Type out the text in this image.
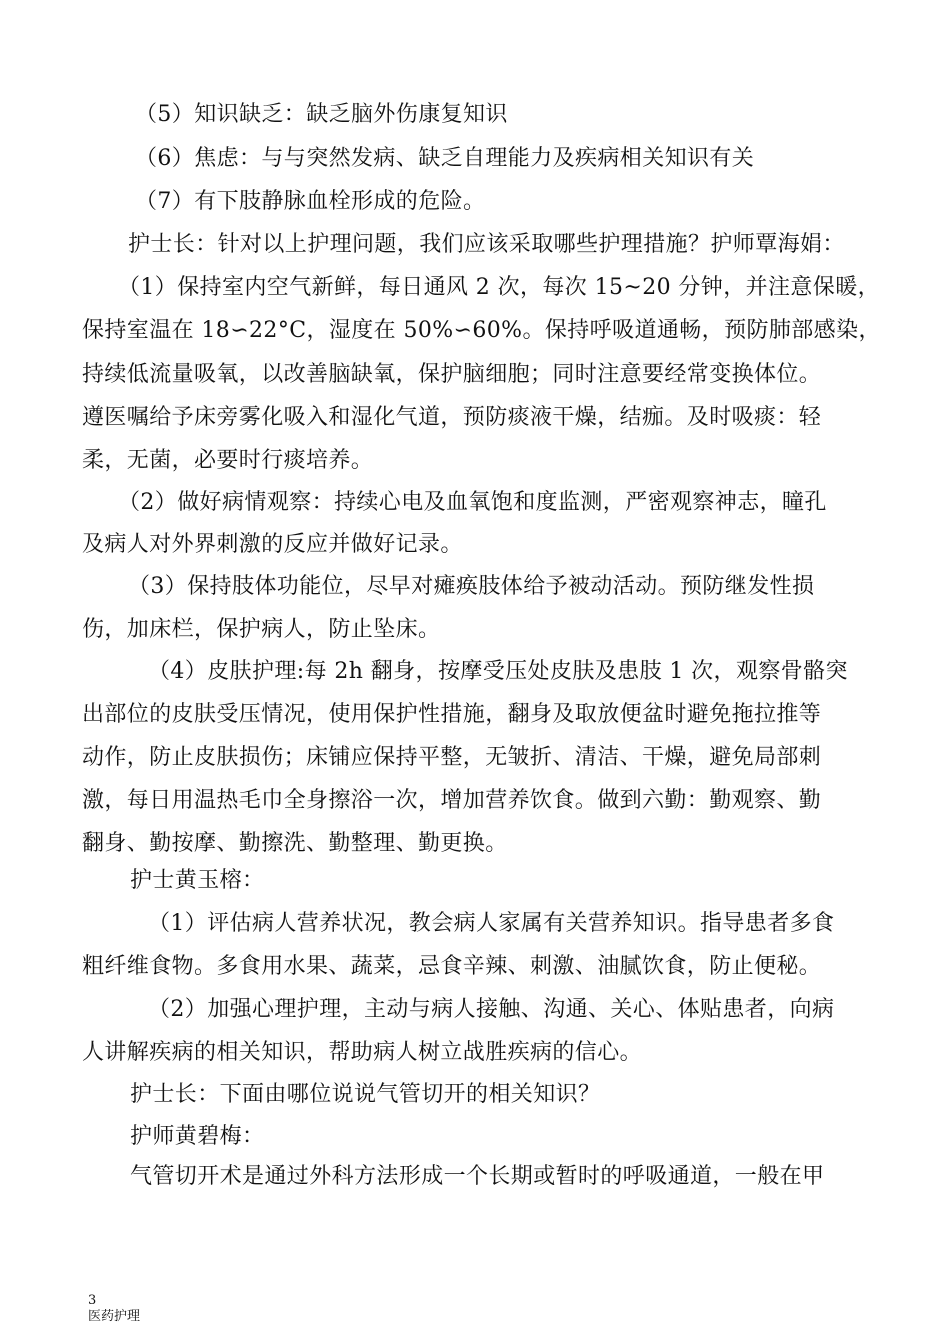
（5）知识缺乏：缺乏脑外伤康复知识
（6）焦虑：与与突然发病、缺乏自理能力及疾病相关知识有关
（7）有下肢静脉血栓形成的危险。
护士长：针对以上护理问题，我们应该采取哪些护理措施？护师覃海娟：
（1）保持室内空气新鲜，每日通风 2 次，每次 15~20 分钟，并注意保暖，
保持室温在 18∽22°C，湿度在 50%∽60%。保持呼吸道通畅，预防肺部感染，
持续低流量吸氧，以改善脑缺氧，保护脑细胞；同时注意要经常变换体位。
遵医嘱给予床旁雾化吸入和湿化气道，预防痰液干燥，结痂。及时吸痰：轻
柔，无菌，必要时行痰培养。
（2）做好病情观察：持续心电及血氧饱和度监测，严密观察神志，瞳孔
及病人对外界刺激的反应并做好记录。
（3）保持肢体功能位，尽早对瘫痪肢体给予被动活动。预防继发性损
伤，加床栏，保护病人，防止坠床。
（4）皮肤护理:每 2h 翻身，按摩受压处皮肤及患肢 1 次，观察骨骼突
出部位的皮肤受压情况，使用保护性措施，翻身及取放便盆时避免拖拉推等
动作，防止皮肤损伤；床铺应保持平整，无皱折、清洁、干燥，避免局部刺
激，每日用温热毛巾全身擦浴一次，增加营养饮食。做到六勤：勤观察、勤
翻身、勤按摩、勤擦洗、勤整理、勤更换。
护士黄玉榕：
（1）评估病人营养状况，教会病人家属有关营养知识。指导患者多食
粗纤维食物。多食用水果、蔬菜，忌食辛辣、刺激、油腻饮食，防止便秘。
（2）加强心理护理，主动与病人接触、沟通、关心、体贴患者，向病
人讲解疾病的相关知识，帮助病人树立战胜疾病的信心。
护士长：下面由哪位说说气管切开的相关知识？
护师黄碧梅：
气管切开术是通过外科方法形成一个长期或暂时的呼吸通道，一般在甲
3
医药护理
